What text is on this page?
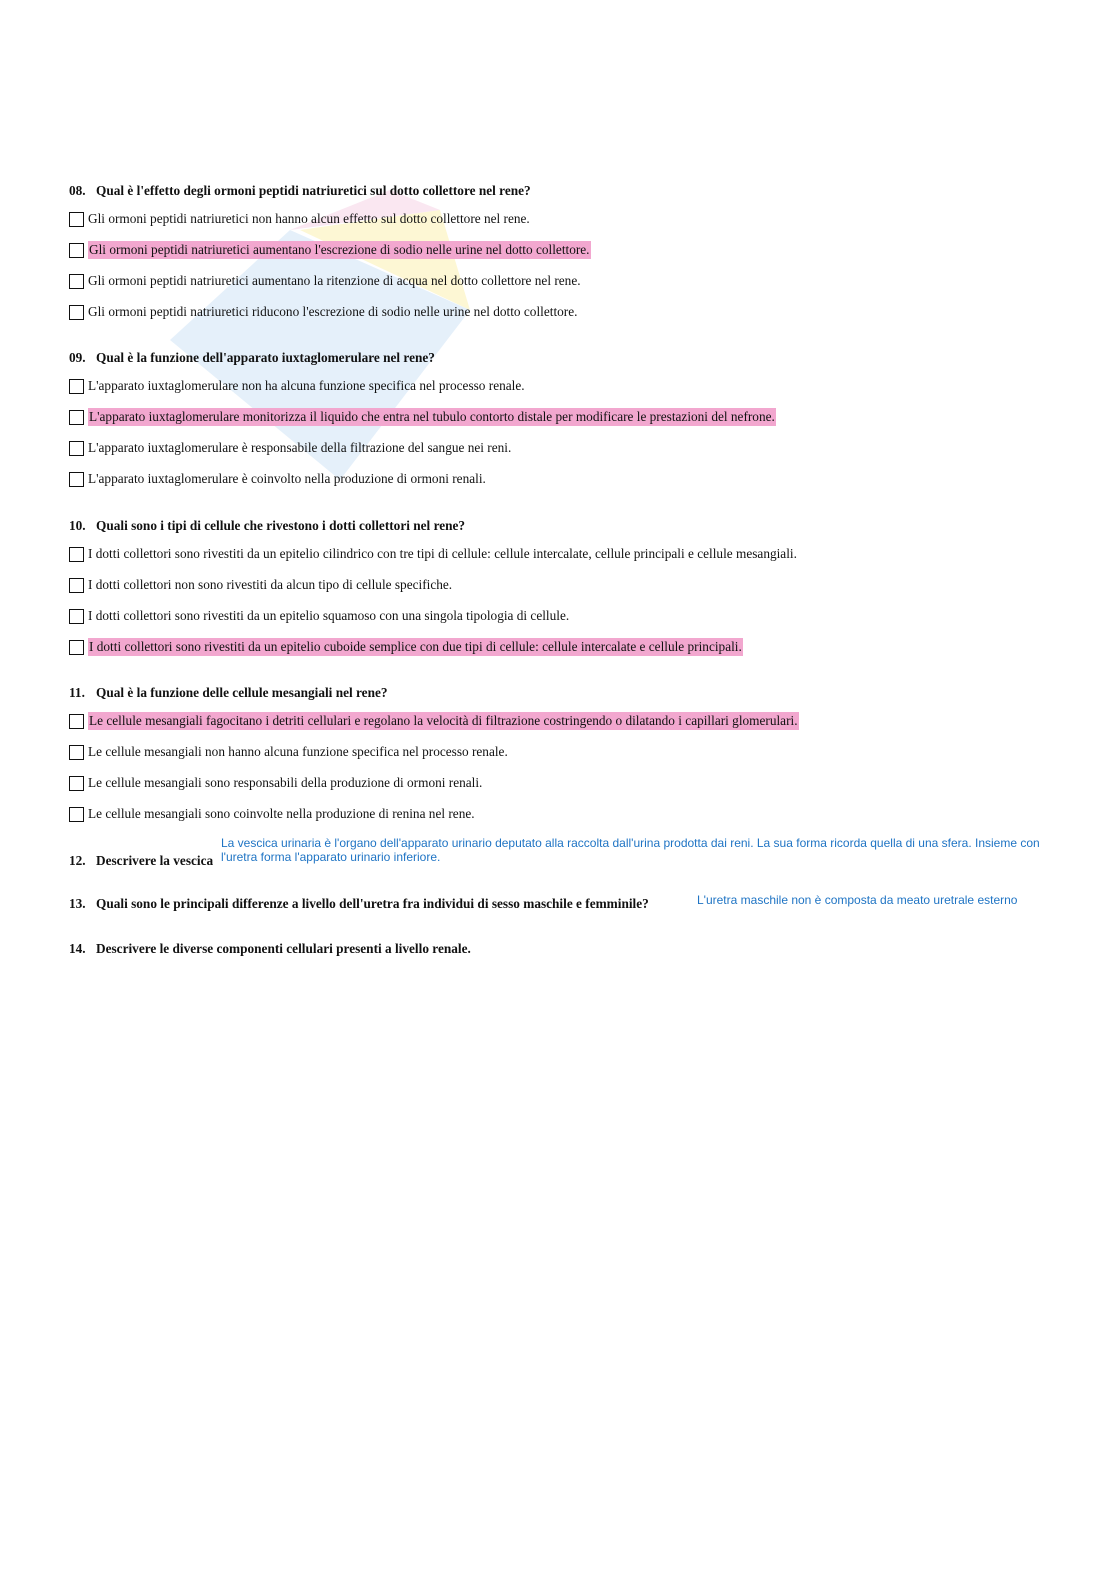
08. Qual è l'effetto degli ormoni peptidi natriuretici sul dotto collettore nel rene?
Gli ormoni peptidi natriuretici non hanno alcun effetto sul dotto collettore nel rene.
Gli ormoni peptidi natriuretici aumentano l'escrezione di sodio nelle urine nel dotto collettore.
Gli ormoni peptidi natriuretici aumentano la ritenzione di acqua nel dotto collettore nel rene.
Gli ormoni peptidi natriuretici riducono l'escrezione di sodio nelle urine nel dotto collettore.
09. Qual è la funzione dell'apparato iuxtaglomerulare nel rene?
L'apparato iuxtaglomerulare non ha alcuna funzione specifica nel processo renale.
L'apparato iuxtaglomerulare monitorizza il liquido che entra nel tubulo contorto distale per modificare le prestazioni del nefrone.
L'apparato iuxtaglomerulare è responsabile della filtrazione del sangue nei reni.
L'apparato iuxtaglomerulare è coinvolto nella produzione di ormoni renali.
10. Quali sono i tipi di cellule che rivestono i dotti collettori nel rene?
I dotti collettori sono rivestiti da un epitelio cilindrico con tre tipi di cellule: cellule intercalate, cellule principali e cellule mesangiali.
I dotti collettori non sono rivestiti da alcun tipo di cellule specifiche.
I dotti collettori sono rivestiti da un epitelio squamoso con una singola tipologia di cellule.
I dotti collettori sono rivestiti da un epitelio cuboide semplice con due tipi di cellule: cellule intercalate e cellule principali.
11. Qual è la funzione delle cellule mesangiali nel rene?
Le cellule mesangiali fagocitano i detriti cellulari e regolano la velocità di filtrazione costringendo o dilatando i capillari glomerulari.
Le cellule mesangiali non hanno alcuna funzione specifica nel processo renale.
Le cellule mesangiali sono responsabili della produzione di ormoni renali.
Le cellule mesangiali sono coinvolte nella produzione di renina nel rene.
12. Descrivere la vescica
La vescica urinaria è l'organo dell'apparato urinario deputato alla raccolta dall'urina prodotta dai reni. La sua forma ricorda quella di una sfera. Insieme con
l'uretra forma l'apparato urinario inferiore.
13. Quali sono le principali differenze a livello dell'uretra fra individui di sesso maschile e femminile?	L'uretra maschile non è composta da meato uretrale esterno
14. Descrivere le diverse componenti cellulari presenti a livello renale.
